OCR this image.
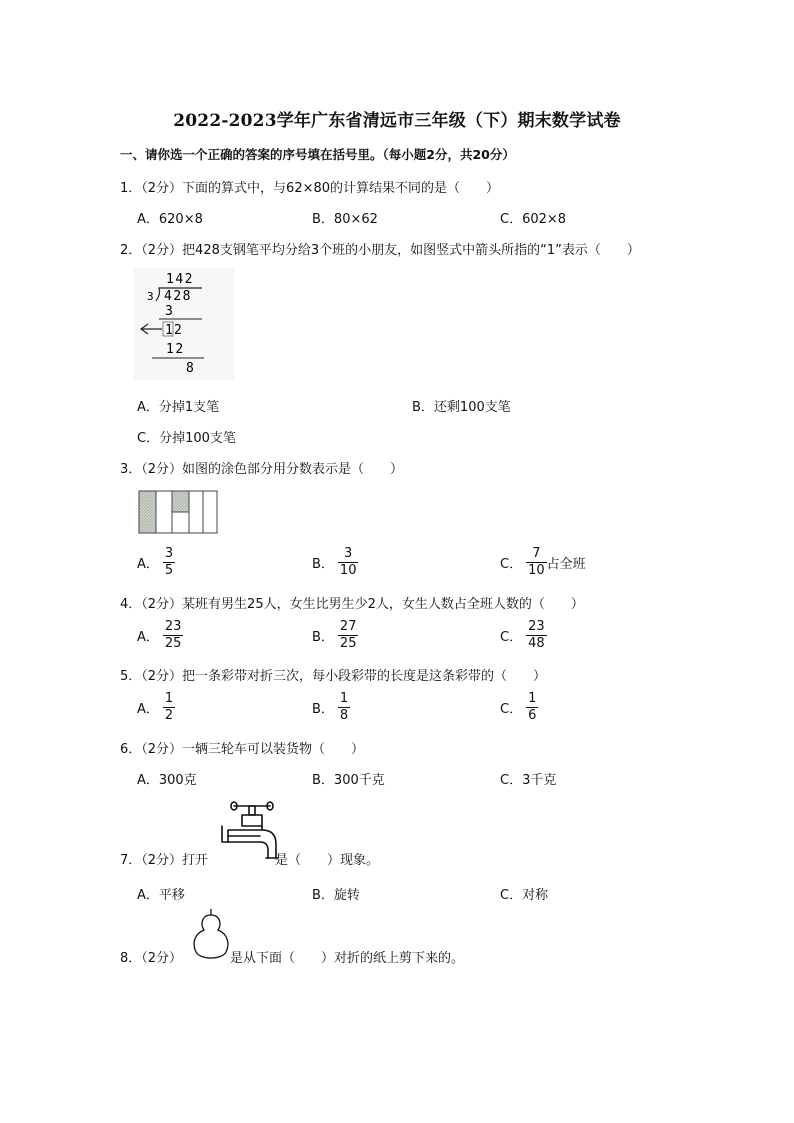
2022-2023学年广东省清远市三年级（下）期末数学试卷
一、请你选一个正确的答案的序号填在括号里。（每小题2分，共20分）
1．（2分）下面的算式中，与62×80的计算结果不同的是（　　）
A．620×8	B．80×62	C．602×8
2．（2分）把428支钢笔平均分给3个班的小朋友，如图竖式中箭头所指的“1”表示（　　）
142
3 428
3
1 2
12
8
A．分掉1支笔	B．还剩100支笔
C．分掉100支笔
3．（2分）如图的涂色部分用分数表示是（　　）
A． $\frac{3}{5}$	B． $\frac{3}{10}$	C． $\frac{7}{10}$ 占全班
4．（2分）某班有男生25人，女生比男生少2人，女生人数占全班人数的（　　）
A． $\frac{23}{25}$	B． $\frac{27}{25}$	C． $\frac{23}{48}$
5．（2分）把一条彩带对折三次，每小段彩带的长度是这条彩带的（　　）
A． $\frac{1}{2}$	B． $\frac{1}{8}$	C． $\frac{1}{6}$
6．（2分）一辆三轮车可以装货物（　　）
A．300克	B．300千克	C．3千克
7．（2分）打开	是（　　）现象。
A．平移	B．旋转	C．对称
8．（2分）	是从下面（　　）对折的纸上剪下来的。
